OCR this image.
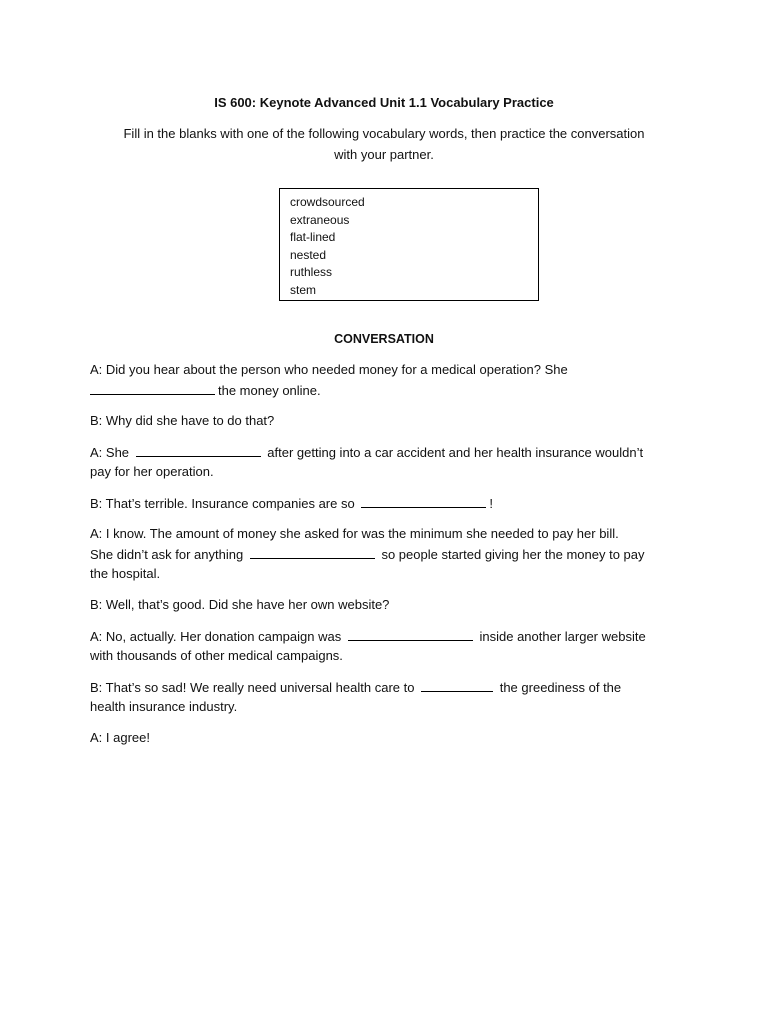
IS 600: Keynote Advanced Unit 1.1 Vocabulary Practice
Fill in the blanks with one of the following vocabulary words, then practice the conversation
with your partner.
crowdsourced
extraneous
flat-lined
nested
ruthless
stem
CONVERSATION
A: Did you hear about the person who needed money for a medical operation? She
the money online.
B: Why did she have to do that?
A: She	after getting into a car accident and her health insurance wouldn’t
pay for her operation.
B: That’s terrible. Insurance companies are so	!
A: I know. The amount of money she asked for was the minimum she needed to pay her bill.
She didn’t ask for anything	so people started giving her the money to pay
the hospital.
B: Well, that’s good. Did she have her own website?
A: No, actually. Her donation campaign was	inside another larger website
with thousands of other medical campaigns.
B: That’s so sad! We really need universal health care to	the greediness of the
health insurance industry.
A: I agree!
